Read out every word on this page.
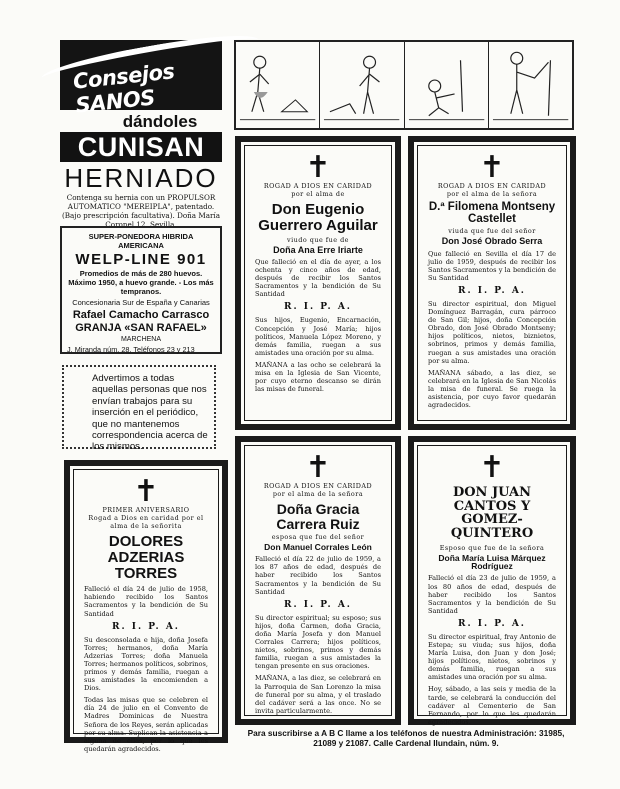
Consejos SANOS
dándoles
CUNISAN
HERNIADO
Contenga su hernia con un PROPULSOR AUTOMATICO "MEREIPLA", patentado. (Bajo prescripción facultativa). Doña María Coronel 12, Sevilla.
SUPER-PONEDORA HIBRIDA AMERICANA
WELP-LINE 901
Promedios de más de 280 huevos. Máximo 1950, a huevo grande. - Los más tempranos.
Concesionaria Sur de España y Canarias
Rafael Camacho Carrasco
GRANJA «SAN RAFAEL»
MARCHENA
J. Miranda núm. 28. Teléfonos 23 y 213
Advertimos a todas aquellas personas que nos envían trabajos para su inserción en el periódico, que no mantenemos correspondencia acerca de los mismos.
✝
PRIMER ANIVERSARIO
Rogad a Dios en caridad por el alma de la señorita
DOLORES ADZERIAS TORRES
Falleció el día 24 de julio de 1958, habiendo recibido los Santos Sacramentos y la bendición de Su Santidad
R. I. P. A.
Su desconsolada e hija, doña Josefa Torres; hermanos, doña María Adzerias Torres; doña Manuela Torres; hermanos políticos, sobrinos, primos y demás familia, ruegan a sus amistades la encomienden a Dios.
Todas las misas que se celebren el día 24 de julio en el Convento de Madres Dominicas de Nuestra Señora de los Reyes, serán aplicadas por su alma. Suplican la asistencia a alguna de ellas, por lo que les quedarán agradecidos.
✝
ROGAD A DIOS EN CARIDAD
por el alma de
Don Eugenio Guerrero Aguilar
viudo que fue de
Doña Ana Erre Iriarte
Que falleció en el día de ayer, a los ochenta y cinco años de edad, después de recibir los Santos Sacramentos y la bendición de Su Santidad
R. I. P. A.
Sus hijos, Eugenio, Encarnación, Concepción y José María; hijos políticos, Manuela López Moreno, y demás familia, ruegan a sus amistades una oración por su alma.
MAÑANA a las ocho se celebrará la misa en la Iglesia de San Vicente, por cuyo eterno descanso se dirán las misas de funeral.
✝
ROGAD A DIOS EN CARIDAD
por el alma de la señora
D.ª Filomena Montseny Castellet
viuda que fue del señor
Don José Obrado Serra
Que falleció en Sevilla el día 17 de julio de 1959, después de recibir los Santos Sacramentos y la bendición de Su Santidad
R. I. P. A.
Su director espiritual, don Miguel Domínguez Barragán, cura párroco de San Gil; hijos, doña Concepción Obrado, don José Obrado Montseny; hijos políticos, nietos, biznietos, sobrinos, primos y demás familia, ruegan a sus amistades una oración por su alma.
MAÑANA sábado, a las diez, se celebrará en la Iglesia de San Nicolás la misa de funeral. Se ruega la asistencia, por cuyo favor quedarán agradecidos.
✝
ROGAD A DIOS EN CARIDAD
por el alma de la señora
Doña Gracia Carrera Ruiz
esposa que fue del señor
Don Manuel Corrales León
Falleció el día 22 de julio de 1959, a los 87 años de edad, después de haber recibido los Santos Sacramentos y la bendición de Su Santidad
R. I. P. A.
Su director espiritual; su esposo; sus hijos, doña Carmen, doña Gracia, doña María Josefa y don Manuel Corrales Carrera; hijos políticos, nietos, sobrinos, primos y demás familia, ruegan a sus amistades la tengan presente en sus oraciones.
MAÑANA, a las diez, se celebrará en la Parroquia de San Lorenzo la misa de funeral por su alma, y el traslado del cadáver será a las once. No se invita particularmente.
✝
DON JUAN CANTOS Y GOMEZ-QUINTERO
Esposo que fue de la señora
Doña María Luisa Márquez Rodríguez
Falleció el día 23 de julio de 1959, a los 80 años de edad, después de haber recibido los Santos Sacramentos y la bendición de Su Santidad
R. I. P. A.
Su director espiritual, fray Antonio de Estepa; su viuda; sus hijos, doña María Luisa, don Juan y don José; hijos políticos, nietos, sobrinos y demás familia, ruegan a sus amistades una oración por su alma.
Hoy, sábado, a las seis y media de la tarde, se celebrará la conducción del cadáver al Cementerio de San Fernando, por lo que les quedarán agradecidos.
Para suscribirse a A B C llame a los teléfonos de nuestra Administración: 31985, 21089 y 21087. Calle Cardenal Ilundain, núm. 9.
